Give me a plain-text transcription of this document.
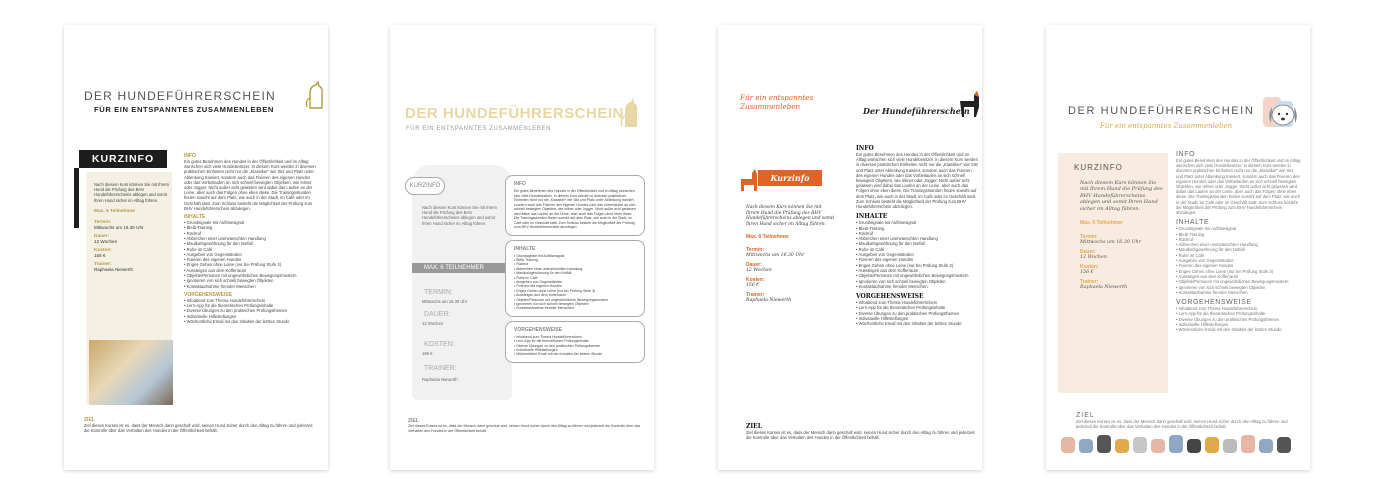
DER HUNDEFÜHRERSCHEIN
FÜR EIN ENTSPANNTES ZUSAMMENLEBEN
KURZINFO
Nach diesem Kurs können Sie mit Ihrem Hund die Prüfung des BHV Hundeführerscheins ablegen und somit Ihren Hund sicher im Alltag führen.
Max. 6 Teilnehmer
Termin:
Mittwochs um 16.30 Uhr
Dauer:
12 Wochen
Kosten:
156 €
Trainer:
Raphaela Niewerth
INFO
Ein gutes Benehmen des Hundes in der Öffentlichkeit und im Alltag wünschen sich viele Hundebesitzer. In diesem Kurs werden in diversen praktischen Einheiten nicht nur die „Klassiker“ wie Sitz und Platz unter Ablenkung trainiert, sondern auch das Fixieren des eigenen Hundes oder das Vorbeilaufen an sich schnell bewegten Objekten, wie Inliner oder Jogger. Nicht außer acht gelassen wird dabei das Laufen an der Leine, aber auch das Folgen ohne eben diese. Die Trainingsstunden finden sowohl auf dem Platz, wie auch in der Stadt, im Café oder im Geschäft statt. Zum Schluss besteht die Möglichkeit der Prüfung zum BHV Hundeführerschein abzulegen.
INHALTE
• Grundsignale mit Auflösesignal
• Bleib-Training
• Rückruf
• Abbrechen einer unerwünschten Handlung
• Maulkorbgewöhnung für den Notfall
• Ruhe im Café
• Ausgeben von Gegenständen
• Fixieren des eigenen Hundes
• Enges Gehen ohne Leine (nur bei Prüfung Stufe 3)
• Aussteigen aus dem Kofferraum
• Objekte/Personen mit ungewöhnlichen Bewegungsmustern
• Ignorieren von sich schnell bewegten Objekten
• Kontaktaufnahme fremder Menschen
VORGEHENSWEISE
• Infoabend zum Thema Hundeführerschein
• Lern-App für die theoretischen Prüfungsinhalte
• Diverse Übungen zu den praktischen Prüfungsthemen
• Individuelle Hilfestellungen
• Wöchentliche Email mit den Inhalten der letzten Stunde
ZIEL
Ziel dieses Kurses ist es, dass der Mensch darin geschult wird, seinen Hund sicher durch den Alltag zu führen und jederzeit die Kontrolle über das Verhalten des Hundes in der Öffentlichkeit behält.
DER HUNDEFÜHRERSCHEIN
FÜR EIN ENTSPANNTES ZUSAMMENLEBEN
KURZINFO
Nach diesem Kurs können Sie mit Ihrem Hund die Prüfung des BHV Hundeführerscheins ablegen und somit Ihren Hund sicher im Alltag führen.
MAX. 6 TEILNEHMER
TERMIN:
Mittwochs um 16.30 Uhr
DAUER:
12 Wochen
KOSTEN:
156 €
TRAINER:
Raphaela Niewerth
INFO
Ein gutes Benehmen des Hundes in der Öffentlichkeit und im Alltag wünschen sich viele Hundebesitzer. In diesem Kurs werden in diversen praktischen Einheiten nicht nur die „Klassiker“ wie Sitz und Platz unter Ablenkung trainiert, sondern auch das Fixieren des eigenen Hundes oder das Vorbeilaufen an sich schnell bewegten Objekten, wie Inliner oder Jogger. Nicht außer acht gelassen wird dabei das Laufen an der Leine, aber auch das Folgen ohne eben diese. Die Trainingsstunden finden sowohl auf dem Platz, wie auch in der Stadt, im Café oder im Geschäft statt. Zum Schluss besteht die Möglichkeit der Prüfung zum BHV Hundeführerschein abzulegen.
INHALTE
• Grundsignale mit Auflösesignal
• Bleib-Training
• Rückruf
• Abbrechen einer unerwünschten Handlung
• Maulkorbgewöhnung für den Notfall
• Ruhe im Café
• Ausgeben von Gegenständen
• Fixieren des eigenen Hundes
• Enges Gehen ohne Leine (nur bei Prüfung Stufe 3)
• Aussteigen aus dem Kofferraum
• Objekte/Personen mit ungewöhnlichen Bewegungsmustern
• Ignorieren von sich schnell bewegten Objekten
• Kontaktaufnahme fremder Menschen
VORGEHENSWEISE
• Infoabend zum Thema Hundeführerschein
• Lern-App für die theoretischen Prüfungsinhalte
• Diverse Übungen zu den praktischen Prüfungsthemen
• Individuelle Hilfestellungen
• Wöchentliche Email mit den Inhalten der letzten Stunde
ZIEL
Ziel dieses Kurses ist es, dass der Mensch darin geschult wird, seinen Hund sicher durch den Alltag zu führen und jederzeit die Kontrolle über das Verhalten des Hundes in der Öffentlichkeit behält.
Für ein entspanntes
Zusammenleben	Der Hundeführerschein
Kurzinfo
Nach diesem Kurs können Sie mit Ihrem Hund die Prüfung des BHV Hundeführerscheins ablegen und somit Ihren Hund sicher im Alltag führen.
Max. 6 Teilnehmer
Termin:
Mittwochs um 16.30 Uhr
Dauer:
12 Wochen
Kosten:
156 €
Trainer:
Raphaela Niewerth
INFO
Ein gutes Benehmen des Hundes in der Öffentlichkeit und im Alltag wünschen sich viele Hundebesitzer. In diesem Kurs werden in diversen praktischen Einheiten nicht nur die „Klassiker“ wie Sitz und Platz unter Ablenkung trainiert, sondern auch das Fixieren des eigenen Hundes oder das Vorbeilaufen an sich schnell bewegten Objekten, wie Inliner oder Jogger. Nicht außer acht gelassen wird dabei das Laufen an der Leine, aber auch das Folgen ohne eben diese. Die Trainingsstunden finden sowohl auf dem Platz, wie auch in der Stadt, im Café oder im Geschäft statt. Zum Schluss besteht die Möglichkeit der Prüfung zum BHV Hundeführerschein abzulegen.
INHALTE
• Grundsignale mit Auflösesignal
• Bleib-Training
• Rückruf
• Abbrechen einer unerwünschten Handlung
• Maulkorbgewöhnung für den Notfall
• Ruhe im Café
• Ausgeben von Gegenständen
• Fixieren des eigenen Hundes
• Enges Gehen ohne Leine (nur bei Prüfung Stufe 3)
• Aussteigen aus dem Kofferraum
• Objekte/Personen mit ungewöhnlichen Bewegungsmustern
• Ignorieren von sich schnell bewegten Objekten
• Kontaktaufnahme fremder Menschen
VORGEHENSWEISE
• Infoabend zum Thema Hundeführerschein
• Lern-App für die theoretischen Prüfungsinhalte
• Diverse Übungen zu den praktischen Prüfungsthemen
• Individuelle Hilfestellungen
• Wöchentliche Email mit den Inhalten der letzten Stunde
ZIEL
Ziel dieses Kurses ist es, dass der Mensch darin geschult wird, seinen Hund sicher durch den Alltag zu führen und jederzeit die Kontrolle über das Verhalten des Hundes in der Öffentlichkeit behält.
DER HUNDEFÜHRERSCHEIN
Für ein entspanntes Zusammenleben
KURZINFO
Nach diesem Kurs können Sie mit Ihrem Hund die Prüfung des BHV Hundeführerscheins ablegen und somit Ihren Hund sicher im Alltag führen.
Max. 6 Teilnehmer
Termin:
Mittwochs um 16.30 Uhr
Dauer:
12 Wochen
Kosten:
156 €
Trainer:
Raphaela Niewerth
INFO
Ein gutes Benehmen des Hundes in der Öffentlichkeit und im Alltag wünschen sich viele Hundebesitzer. In diesem Kurs werden in diversen praktischen Einheiten nicht nur die „Klassiker“ wie Sitz und Platz unter Ablenkung trainiert, sondern auch das Fixieren des eigenen Hundes oder das Vorbeilaufen an sich schnell bewegten Objekten, wie Inliner oder Jogger. Nicht außer acht gelassen wird dabei das Laufen an der Leine, aber auch das Folgen ohne eben diese. Die Trainingsstunden finden sowohl auf dem Platz, wie auch in der Stadt, im Café oder im Geschäft statt. Zum Schluss besteht die Möglichkeit der Prüfung zum BHV Hundeführerschein abzulegen.
INHALTE
• Grundsignale mit Auflösesignal
• Bleib-Training
• Rückruf
• Abbrechen einer unerwünschten Handlung
• Maulkorbgewöhnung für den Notfall
• Ruhe im Café
• Ausgeben von Gegenständen
• Fixieren des eigenen Hundes
• Enges Gehen ohne Leine (nur bei Prüfung Stufe 3)
• Aussteigen aus dem Kofferraum
• Objekte/Personen mit ungewöhnlichen Bewegungsmustern
• Ignorieren von sich schnell bewegten Objekten
• Kontaktaufnahme fremder Menschen
VORGEHENSWEISE
• Infoabend zum Thema Hundeführerschein
• Lern-App für die theoretischen Prüfungsinhalte
• Diverse Übungen zu den praktischen Prüfungsthemen
• Individuelle Hilfestellungen
• Wöchentliche Email mit den Inhalten der letzten Stunde
ZIEL
Ziel dieses Kurses ist es, dass der Mensch darin geschult wird, seinen Hund sicher durch den Alltag zu führen und jederzeit die Kontrolle über das Verhalten des Hundes in der Öffentlichkeit behält.
